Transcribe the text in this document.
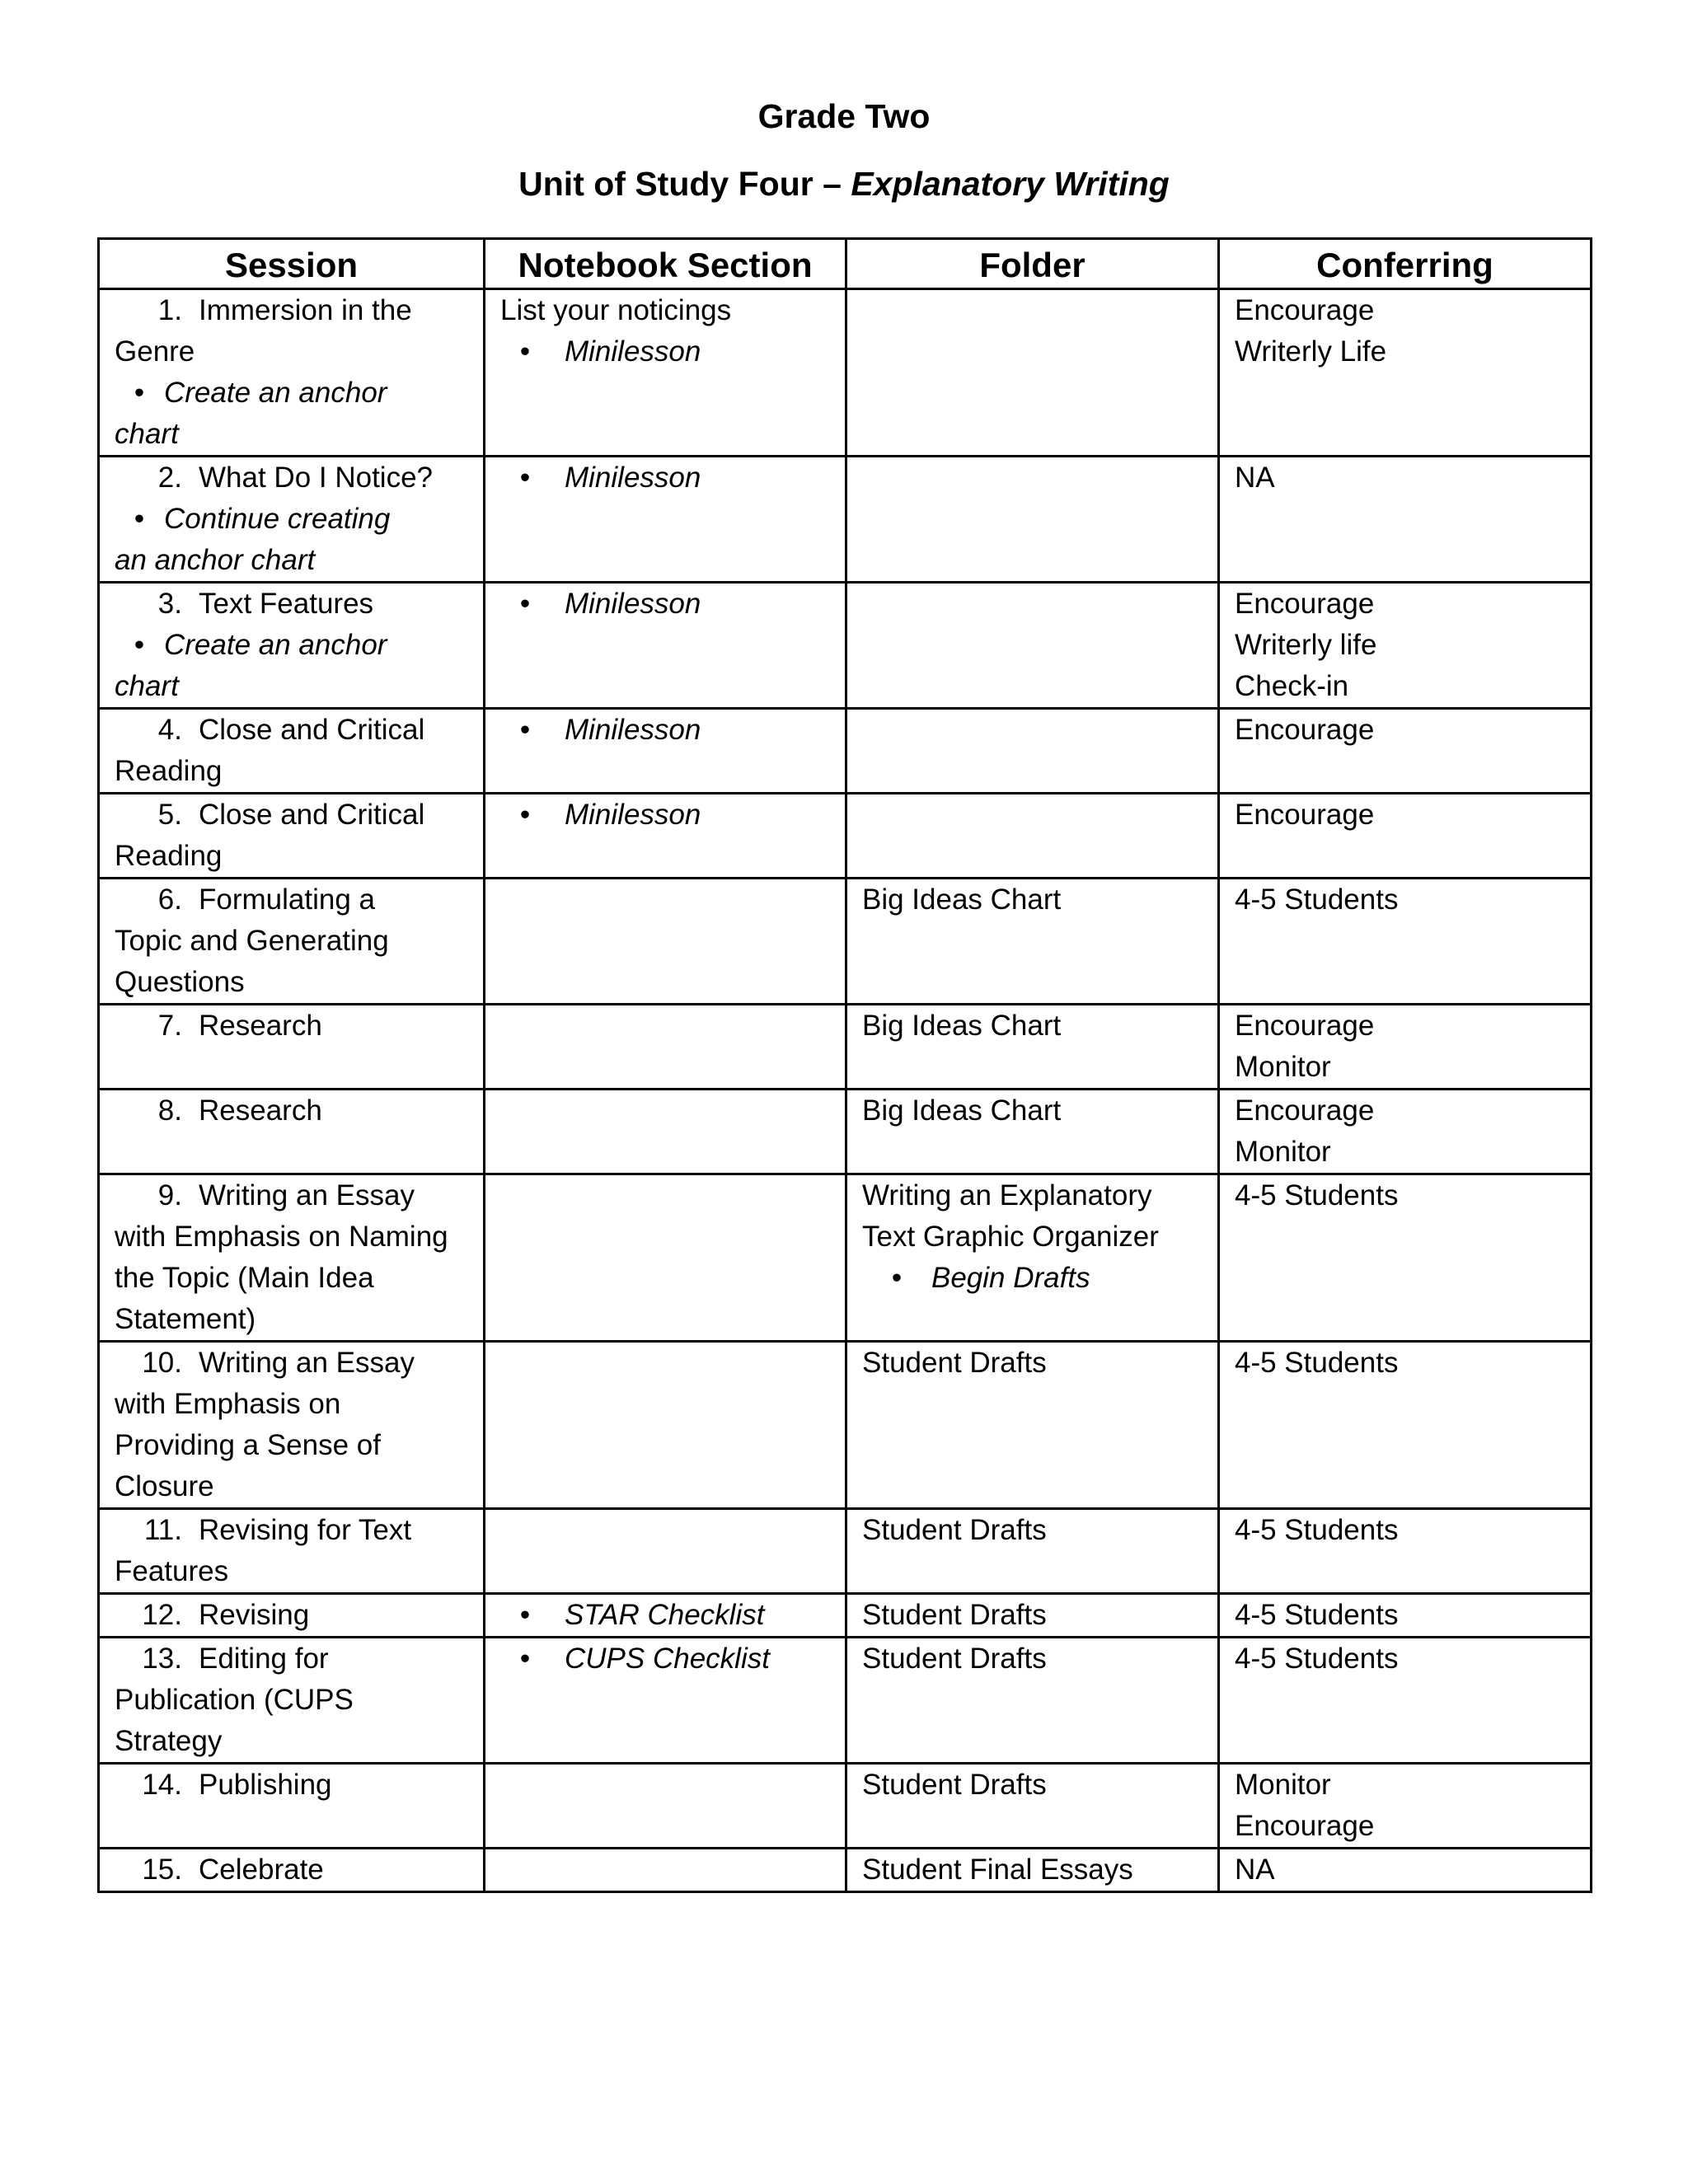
Grade Two
Unit of Study Four – Explanatory Writing
Session	Notebook Section	Folder	Conferring

1. Immersion in the
Genre
• Create an anchor
chart	List your noticings
• Minilesson		Encourage
Writerly Life

2. What Do I Notice?
• Continue creating
an anchor chart	• Minilesson		NA

3. Text Features
• Create an anchor
chart	• Minilesson		Encourage
Writerly life
Check-in

4. Close and Critical
Reading	• Minilesson		Encourage

5. Close and Critical
Reading	• Minilesson		Encourage

6. Formulating a
Topic and Generating
Questions		Big Ideas Chart	4-5 Students

7. Research		Big Ideas Chart	Encourage
Monitor

8. Research		Big Ideas Chart	Encourage
Monitor

9. Writing an Essay
with Emphasis on Naming
the Topic (Main Idea
Statement)		Writing an Explanatory
Text Graphic Organizer
• Begin Drafts	4-5 Students

10. Writing an Essay
with Emphasis on
Providing a Sense of
Closure		Student Drafts	4-5 Students

11. Revising for Text
Features		Student Drafts	4-5 Students

12. Revising	• STAR Checklist	Student Drafts	4-5 Students

13. Editing for
Publication (CUPS
Strategy	• CUPS Checklist	Student Drafts	4-5 Students

14. Publishing		Student Drafts	Monitor
Encourage

15. Celebrate		Student Final Essays	NA
